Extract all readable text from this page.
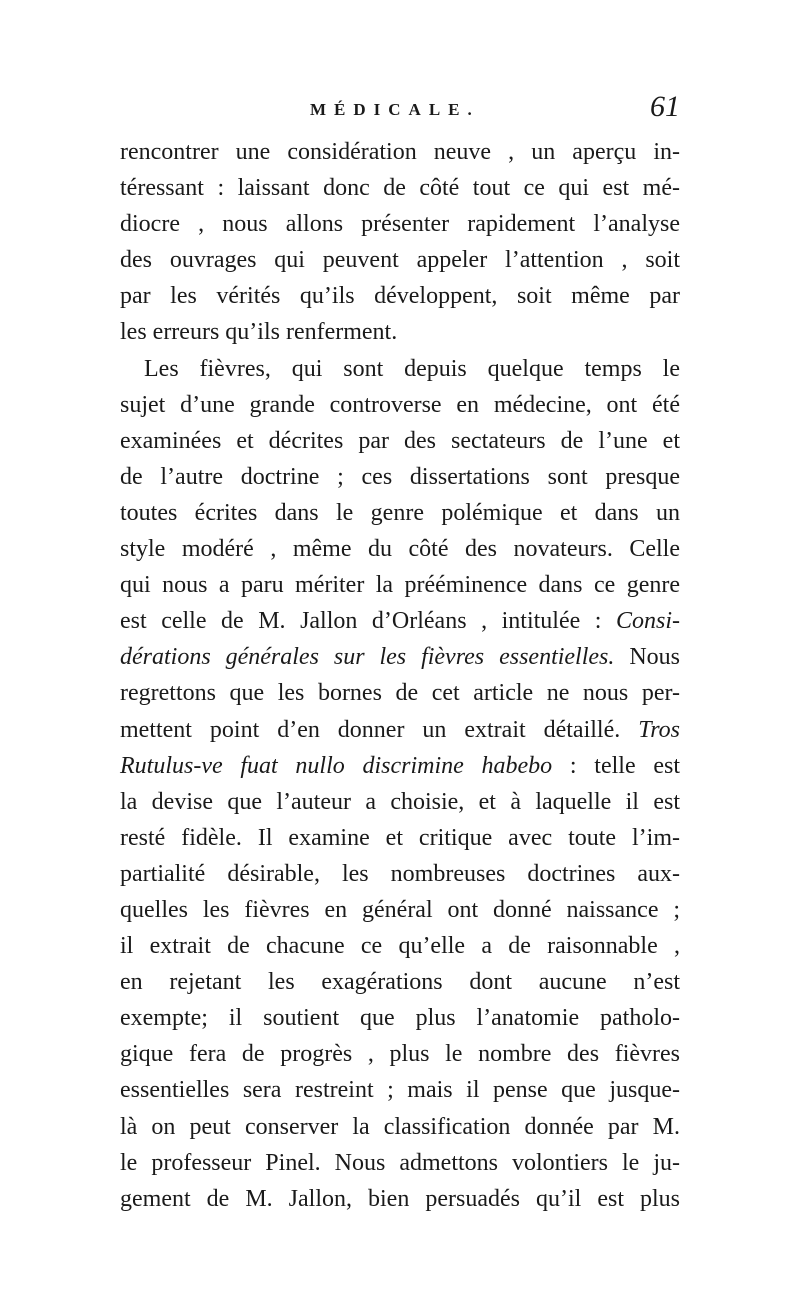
MÉDICALE.	61
rencontrer une considération neuve , un aperçu in-
téressant : laissant donc de côté tout ce qui est mé-
diocre , nous allons présenter rapidement l’analyse
des ouvrages qui peuvent appeler l’attention , soit
par les vérités qu’ils développent, soit même par
les erreurs qu’ils renferment.
Les fièvres, qui sont depuis quelque temps le
sujet d’une grande controverse en médecine, ont été
examinées et décrites par des sectateurs de l’une et
de l’autre doctrine ; ces dissertations sont presque
toutes écrites dans le genre polémique et dans un
style modéré , même du côté des novateurs. Celle
qui nous a paru mériter la prééminence dans ce genre
est celle de M. Jallon d’Orléans , intitulée : Consi-
dérations générales sur les fièvres essentielles. Nous
regrettons que les bornes de cet article ne nous per-
mettent point d’en donner un extrait détaillé. Tros
Rutulus-ve fuat nullo discrimine habebo : telle est
la devise que l’auteur a choisie, et à laquelle il est
resté fidèle. Il examine et critique avec toute l’im-
partialité désirable, les nombreuses doctrines aux-
quelles les fièvres en général ont donné naissance ;
il extrait de chacune ce qu’elle a de raisonnable ,
en rejetant les exagérations dont aucune n’est
exempte; il soutient que plus l’anatomie patholo-
gique fera de progrès , plus le nombre des fièvres
essentielles sera restreint ; mais il pense que jusque-
là on peut conserver la classification donnée par M.
le professeur Pinel. Nous admettons volontiers le ju-
gement de M. Jallon, bien persuadés qu’il est plus
